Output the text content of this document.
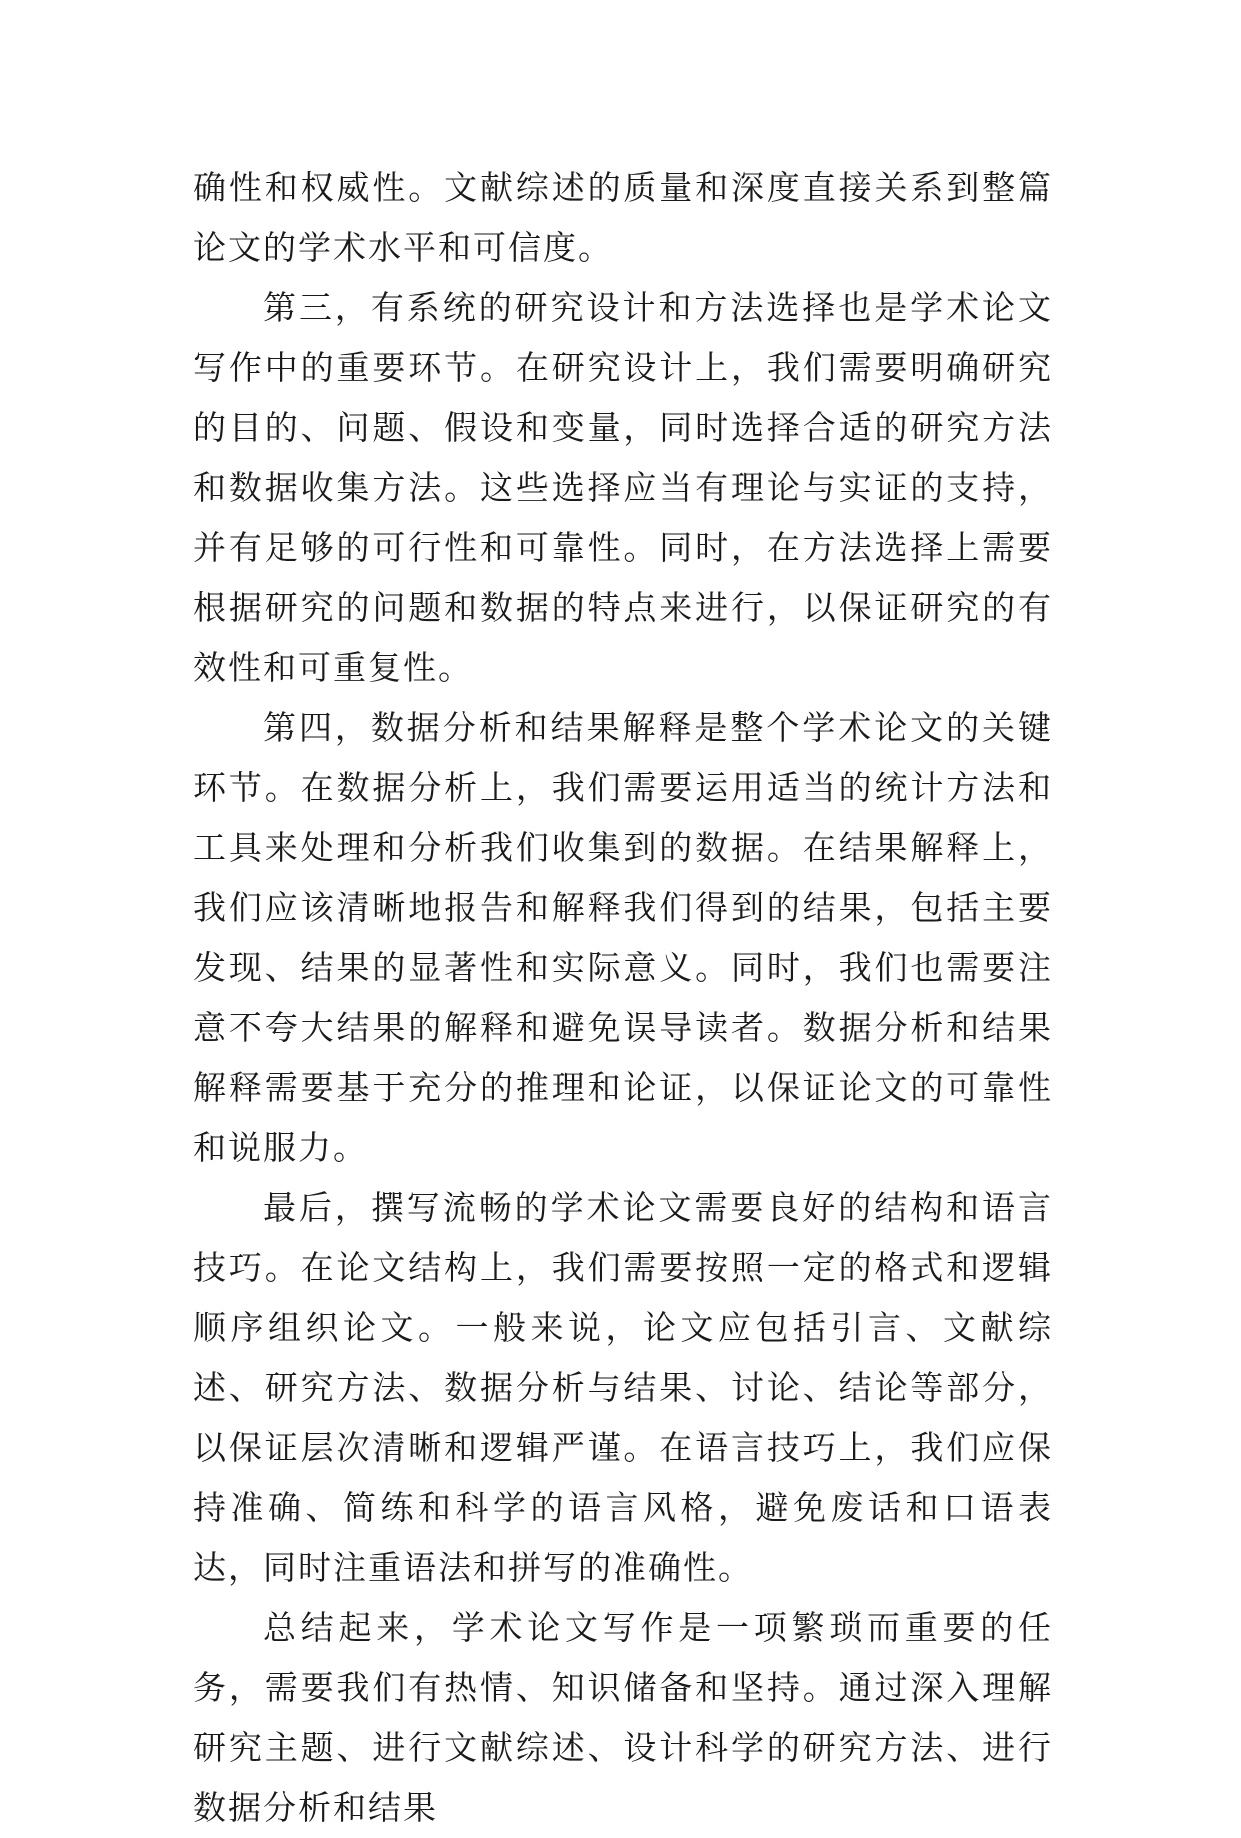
确性和权威性。文献综述的质量和深度直接关系到整篇论文的学术水平和可信度。

第三，有系统的研究设计和方法选择也是学术论文写作中的重要环节。在研究设计上，我们需要明确研究的目的、问题、假设和变量，同时选择合适的研究方法和数据收集方法。这些选择应当有理论与实证的支持，并有足够的可行性和可靠性。同时，在方法选择上需要根据研究的问题和数据的特点来进行，以保证研究的有效性和可重复性。

第四，数据分析和结果解释是整个学术论文的关键环节。在数据分析上，我们需要运用适当的统计方法和工具来处理和分析我们收集到的数据。在结果解释上，我们应该清晰地报告和解释我们得到的结果，包括主要发现、结果的显著性和实际意义。同时，我们也需要注意不夸大结果的解释和避免误导读者。数据分析和结果解释需要基于充分的推理和论证，以保证论文的可靠性和说服力。

最后，撰写流畅的学术论文需要良好的结构和语言技巧。在论文结构上，我们需要按照一定的格式和逻辑顺序组织论文。一般来说，论文应包括引言、文献综述、研究方法、数据分析与结果、讨论、结论等部分，以保证层次清晰和逻辑严谨。在语言技巧上，我们应保持准确、简练和科学的语言风格，避免废话和口语表达，同时注重语法和拼写的准确性。

总结起来，学术论文写作是一项繁琐而重要的任务，需要我们有热情、知识储备和坚持。通过深入理解研究主题、进行文献综述、设计科学的研究方法、进行数据分析和结果
